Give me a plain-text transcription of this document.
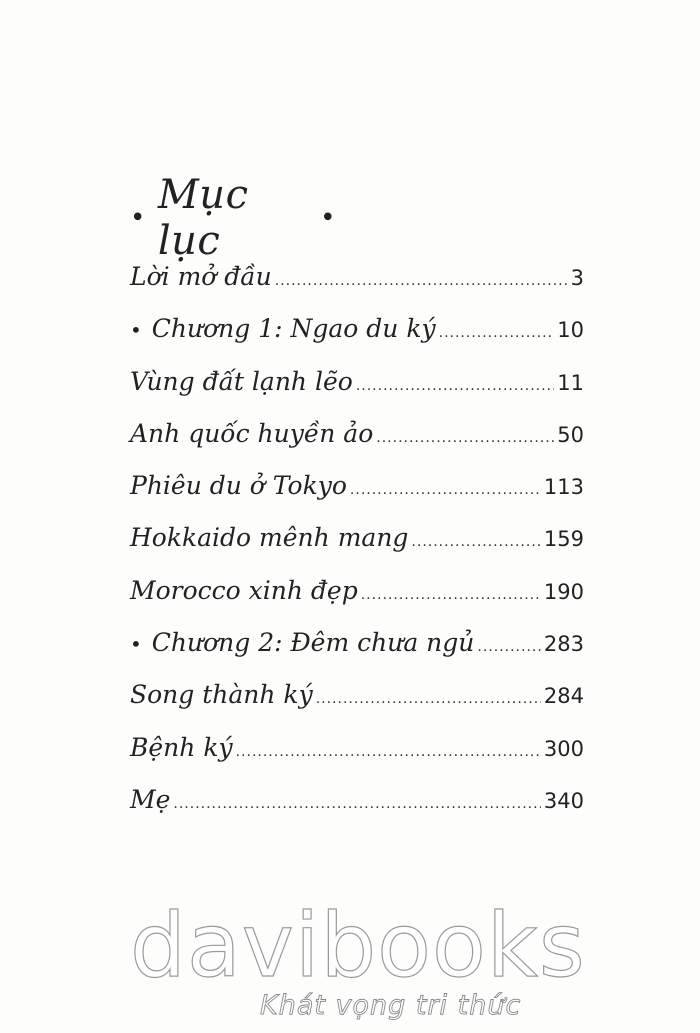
• Mục lục	•
Lời mở đầu .....	3
• Chương 1: Ngao du ký .....	10
Vùng đất lạnh lẽo .....	11
Anh quốc huyền ảo .....	50
Phiêu du ở Tokyo .....	113
Hokkaido mênh mang .....	159
Morocco xinh đẹp .....	190
• Chương 2: Đêm chưa ngủ .....	283
Song thành ký .....	284
Bệnh ký .....	300
Mẹ .....	340
davibooks
Khát vọng tri thức
